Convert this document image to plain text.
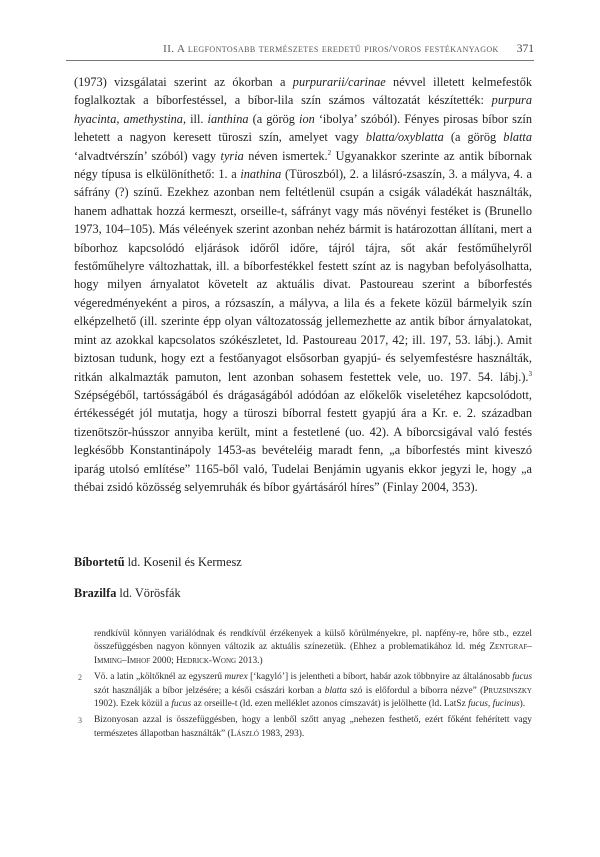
II. A legfontosabb természetes eredetű piros/voros festékanyagok 371

(1973) vizsgálatai szerint az ókorban a purpurarii/carinae névvel illetett kelmefestők foglalkoztak a bíborfestéssel, a bíbor-lila szín számos változatát készítették: purpura hyacinta, amethystina, ill. ianthina (a görög ion ‘ibolya’ szóból). Fényes pirosas bíbor szín lehetett a nagyon keresett türoszi szín, amelyet vagy blatta/oxyblatta (a görög blatta ‘alvadtvérszín’ szóból) vagy tyria néven ismertek.$^2$ Ugyanakkor szerinte az antik bíbornak négy típusa is elkülöníthető: 1. a inathina (Türoszból), 2. a lilásró-zsaszín, 3. a mályva, 4. a sáfrány (?) színű. Ezekhez azonban nem feltétlenül csupán a csigák váladékát használták, hanem adhattak hozzá kermeszt, orseille-t, sáfrányt vagy más növényi festéket is (Brunello 1973, 104–105). Más véleények szerint azonban nehéz bármit is határozottan állítani, mert a bíborhoz kapcsolódó eljárások időről időre, tájról tájra, sőt akár festőműhelyről festőműhelyre változhattak, ill. a bíborfestékkel festett színt az is nagyban befolyásolhatta, hogy milyen árnyalatot követelt az aktuális divat. Pastoureau szerint a bíborfestés végeredményeként a piros, a rózsaszín, a mályva, a lila és a fekete közül bármelyik szín elképzelhető (ill. szerinte épp olyan változatosság jellemezhette az antik bíbor árnyalatokat, mint az azokkal kapcsolatos szókészletet, ld. Pastoureau 2017, 42; ill. 197, 53. lábj.). Amit biztosan tudunk, hogy ezt a festőanyagot elsősorban gyapjú- és selyemfestésre használták, ritkán alkalmazták pamuton, lent azonban sohasem festettek vele, uo. 197. 54. lábj.).$^3$ Szépségéből, tartósságából és drágaságából adódóan az előkelők viseletéhez kapcsolódott, értékességét jól mutatja, hogy a türoszi bíborral festett gyapjú ára a Kr. e. 2. században tizenötször-hússzor annyiba került, mint a festetlené (uo. 42). A bíborcsigával való festés legkésőbb Konstantinápoly 1453-as bevételéig maradt fenn, „a bíborfestés mint kiveszó iparág utolsó említése” 1165-ből való, Tudelai Benjámin ugyanis ekkor jegyzi le, hogy „a thébai zsidó közösség selyemruhák és bíbor gyártásáról híres” (Finlay 2004, 353).

Bíbortetű ld. Kosenil és Kermesz
Brazilfa ld. Vörösfák
rendkívül könnyen variálódnak és rendkívül érzékenyek a külső körülményekre, pl. napfény-re, hőre stb., ezzel összefüggésben nagyon könnyen változik az aktuális színezetük. (Ehhez a problematikához ld. még Zentgraf–Imming–Imhof 2000; Hedrick-Wong 2013.)
2 Vö. a latin „költőknél az egyszerű murex [‘kagyló’] is jelentheti a bíbort, habár azok többnyire az általánosabb fucus szót használják a bíbor jelzésére; a késői császári korban a blatta szó is előfordul a bíborra nézve” (Pruzsinszky 1902). Ezek közül a fucus az orseille-t (ld. ezen melléklet azonos címszavát) is jelölhette (ld. LatSz fucus, fucinus).
3 Bizonyosan azzal is összefüggésben, hogy a lenből szőtt anyag „nehezen festhető, ezért főként fehérített vagy természetes állapotban használták” (László 1983, 293).
